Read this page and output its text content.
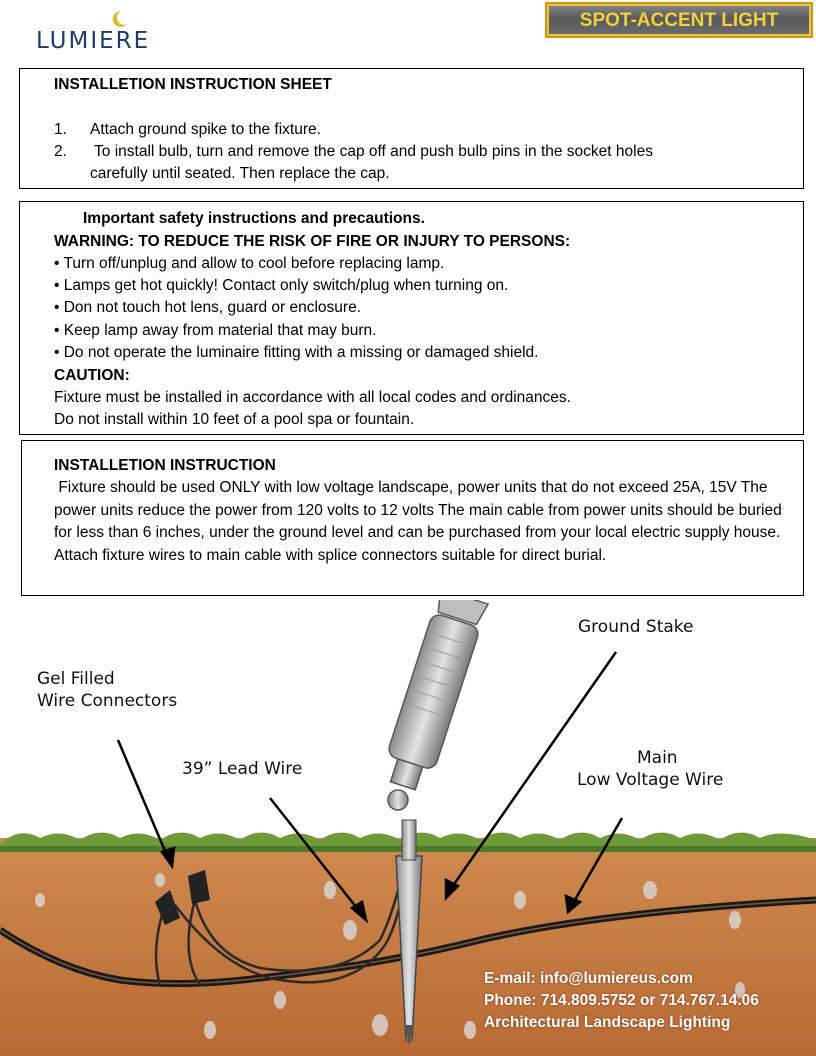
LUMIERE
SPOT-ACCENT LIGHT
INSTALLETION INSTRUCTION SHEET
1. Attach ground spike to the fixture.
2. To install bulb, turn and remove the cap off and push bulb pins in the socket holes
carefully until seated. Then replace the cap.
Important safety instructions and precautions.
WARNING: TO REDUCE THE RISK OF FIRE OR INJURY TO PERSONS:
• Turn off/unplug and allow to cool before replacing lamp.
• Lamps get hot quickly! Contact only switch/plug when turning on.
• Don not touch hot lens, guard or enclosure.
• Keep lamp away from material that may burn.
• Do not operate the luminaire fitting with a missing or damaged shield.
CAUTION:
Fixture must be installed in accordance with all local codes and ordinances.
Do not install within 10 feet of a pool spa or fountain.
INSTALLETION INSTRUCTION
Fixture should be used ONLY with low voltage landscape, power units that do not exceed 25A, 15V The power units reduce the power from 120 volts to 12 volts The main cable from power units should be buried for less than 6 inches, under the ground level and can be purchased from your local electric supply house. Attach fixture wires to main cable with splice connectors suitable for direct burial.
Ground Stake
Gel Filled
Wire Connectors
39” Lead Wire
Main
Low Voltage Wire
E-mail: info@lumiereus.com
Phone: 714.809.5752 or 714.767.14.06
Architectural Landscape Lighting
